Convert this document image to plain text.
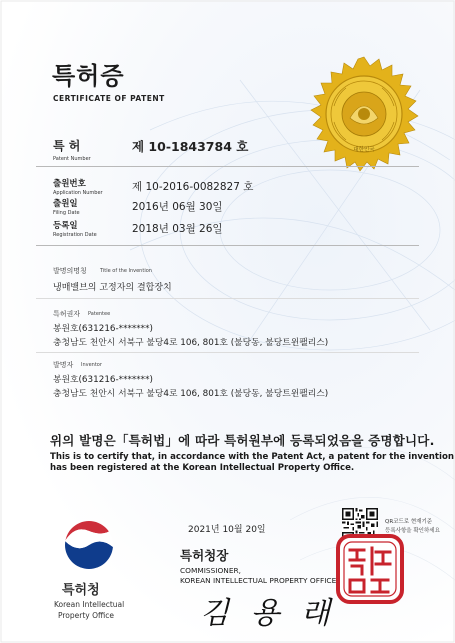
특허증
CERTIFICATE OF PATENT
대한민국
특 허
Patent Number
제 10-1843784 호
출원번호
Application Number	제 10-2016-0082827 호
출원일
Filing Date	2016년 06월 30일
등록일
Registration Date	2018년 03월 26일
발명의명칭	Title of the Invention
냉매밸브의 고정자의 결합장치
특허권자 Patentee
봉원호(631216-*******)
충청남도 천안시 서북구 불당4로 106, 801호 (불당동, 불당트윈팰리스)
발명자 Inventor
봉원호(631216-*******)
충청남도 천안시 서북구 불당4로 106, 801호 (불당동, 불당트윈팰리스)
위의 발명은「특허법」에 따라 특허원부에 등록되었음을 증명합니다.
This is to certify that, in accordance with the Patent Act, a patent for the invention
has been registered at the Korean Intellectual Property Office.
특허청
Korean Intellectual
Property Office
2021년 10월 20일
QR코드로 현재기준
등록사항을 확인하세요
특허청장
COMMISSIONER,
KOREAN INTELLECTUAL PROPERTY OFFICE
김 용 래
